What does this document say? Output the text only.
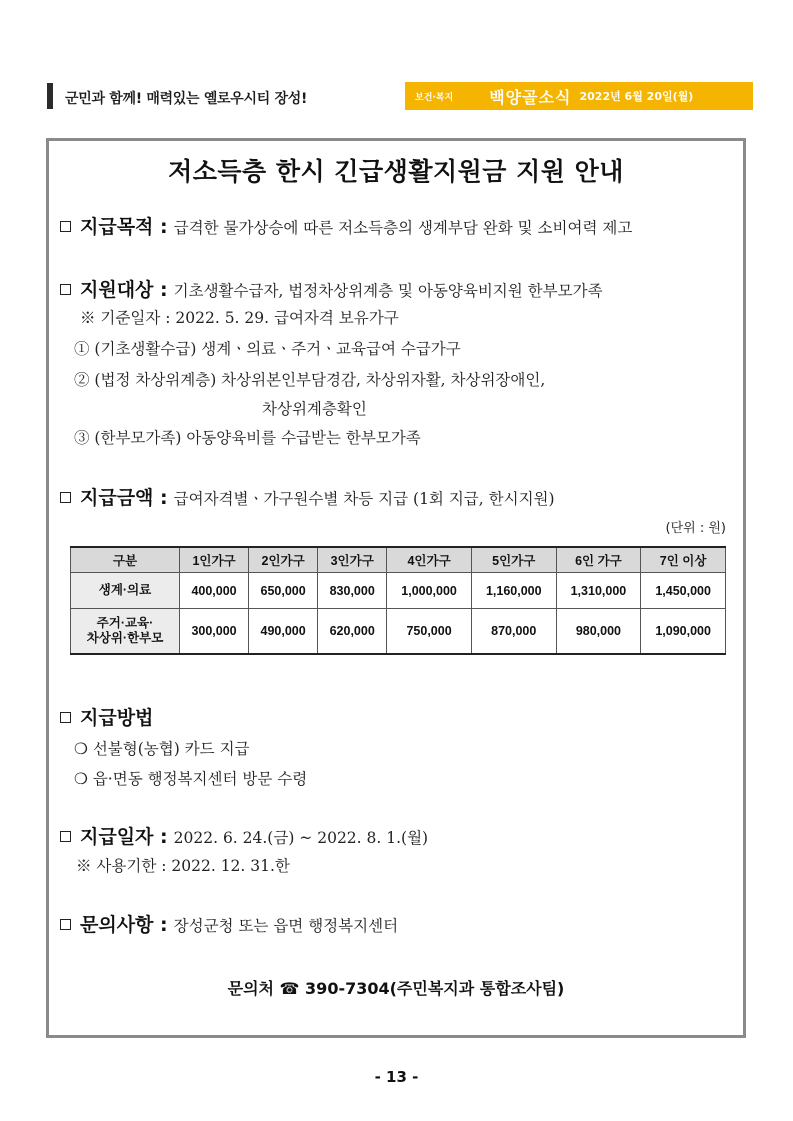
군민과 함께! 매력있는 옐로우시티 장성!	보건·복지 백양골소식 2022년 6월 20일(월)
저소득층 한시 긴급생활지원금 지원 안내
지급목적 : 급격한 물가상승에 따른 저소득층의 생계부담 완화 및 소비여력 제고
지원대상 : 기초생활수급자, 법정차상위계층 및 아동양육비지원 한부모가족
※ 기준일자 : 2022. 5. 29. 급여자격 보유가구
① (기초생활수급) 생계ㆍ의료ㆍ주거ㆍ교육급여 수급가구
② (법정 차상위계층) 차상위본인부담경감, 차상위자활, 차상위장애인,
차상위계층확인
③ (한부모가족) 아동양육비를 수급받는 한부모가족
지급금액 : 급여자격별ㆍ가구원수별 차등 지급 (1회 지급, 한시지원)
(단위 : 원)
구분	1인가구	2인가구	3인가구	4인가구	5인가구	6인 가구	7인 이상
생계·의료	400,000	650,000	830,000	1,000,000	1,160,000	1,310,000	1,450,000
주거·교육·
차상위·한부모	300,000	490,000	620,000	750,000	870,000	980,000	1,090,000
지급방법
❍ 선불형(농협) 카드 지급
❍ 읍·면동 행정복지센터 방문 수령
지급일자 : 2022. 6. 24.(금) ~ 2022. 8. 1.(월)
※ 사용기한 : 2022. 12. 31.한
문의사항 : 장성군청 또는 읍면 행정복지센터
문의처 ☎ 390-7304(주민복지과 통합조사팀)
- 13 -
